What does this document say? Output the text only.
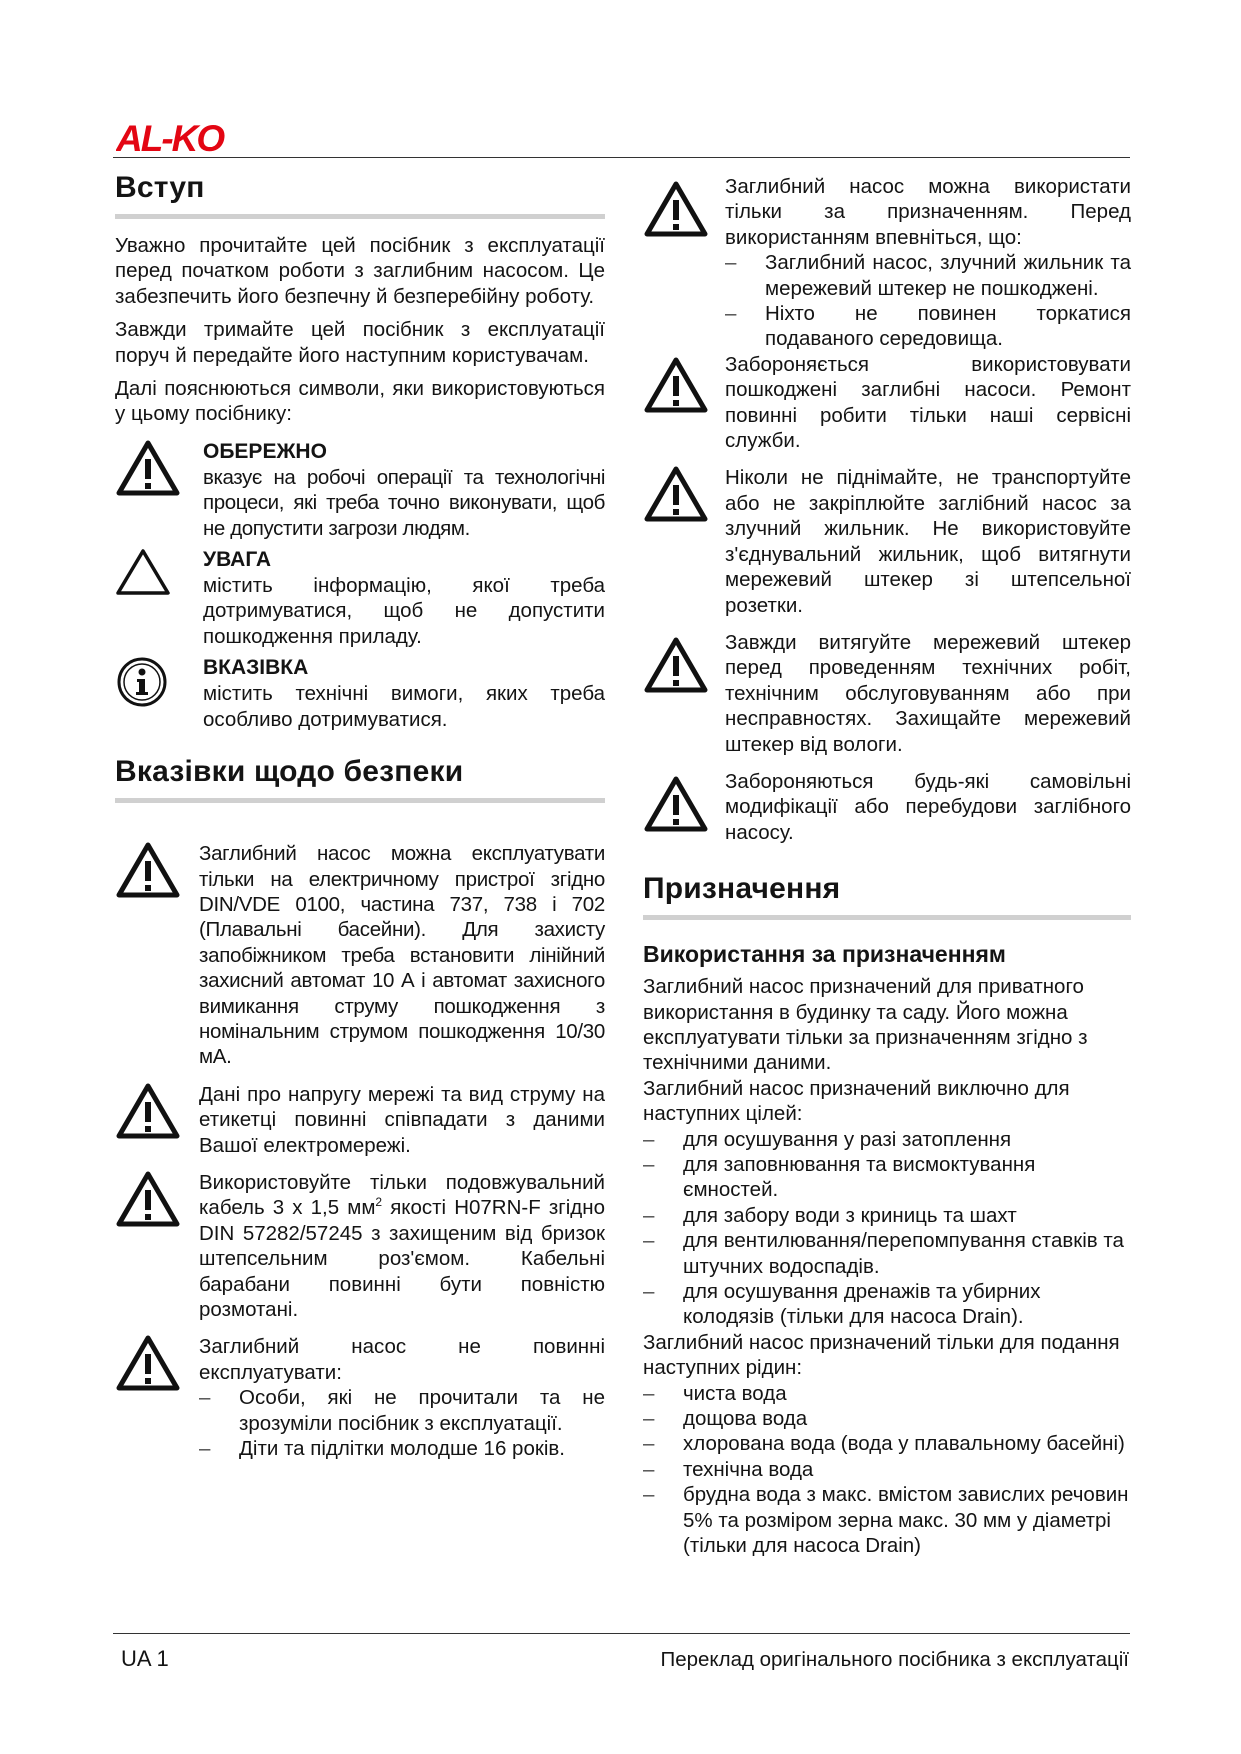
AL-KO
Вступ

Уважно прочитайте цей посібник з експлуатації перед початком роботи з заглибним насосом. Це забезпечить його безпечну й безперебійну роботу.

Завжди тримайте цей посібник з експлуатації поруч й передайте його наступним користувачам.

Далі пояснюються символи, яки використовуються у цьому посібнику:

ОБЕРЕЖНО

вказує на робочі операції та технологічні процеси, які треба точно виконувати, щоб не допустити загрози людям.

УВАГА

містить інформацію, якої треба дотримуватися, щоб не допустити пошкодження приладу.

ВКАЗІВКА

містить технічні вимоги, яких треба особливо дотримуватися.

Вказівки щодо безпеки

Заглибний насос можна експлуатувати тільки на електричному пристрої згідно DIN/VDE 0100, частина 737, 738 і 702 (Плавальні басейни). Для захисту запобіжником треба встановити лінійний захисний автомат 10 А і автомат захисного вимикання струму пошкодження з номінальним струмом пошкодження 10/30 мА.

Дані про напругу мережі та вид струму на етикетці повинні співпадати з даними Вашої електромережі.

Використовуйте тільки подовжувальний кабель 3 x 1,5 $мм^2$ якості H07RN-F згідно DIN 57282/57245 з захищеним від бризок штепсельним роз'ємом. Кабельні барабани повинні бути повністю розмотані.

Заглибний насос не повинні експлуатувати:

– Особи, які не прочитали та не зрозуміли посібник з експлуатації.
– Діти та підлітки молодше 16 років.

Заглибний насос можна використати тільки за призначенням. Перед використанням впевніться, що:

– Заглибний насос, злучний жильник та мережевий штекер не пошкоджені.
– Ніхто не повинен торкатися подаваного середовища.

Забороняється використовувати пошкоджені заглибні насоси. Ремонт повинні робити тільки наші сервісні служби.

Ніколи не піднімайте, не транспортуйте або не закріплюйте заглібний насос за злучний жильник. Не використовуйте з'єднувальний жильник, щоб витягнути мережевий штекер зі штепсельної розетки.

Завжди витягуйте мережевий штекер перед проведенням технічних робіт, технічним обслуговуванням або при несправностях. Захищайте мережевий штекер від вологи.

Забороняються будь-які самовільні модифікації або перебудови заглібного насосу.

Призначення
Використання за призначенням

Заглибний насос призначений для приватного використання в будинку та саду. Його можна експлуатувати тільки за призначенням згідно з технічними даними.

Заглибний насос призначений виключно для наступних цілей:

– для осушування у разі затоплення
– для заповнювання та висмоктування ємностей.
– для забору води з криниць та шахт
– для вентилювання/перепомпування ставків та штучних водоспадів.
– для осушування дренажів та убирних колодязів (тільки для насоса Drain).

Заглибний насос призначений тільки для подання наступних рідин:

– чиста вода
– дощова вода
– хлорована вода (вода у плавальному басейні)
– технічна вода
– брудна вода з макс. вмістом завислих речовин 5% та розміром зерна макс. 30 мм у діаметрі (тільки для насоса Drain)
UA 1	Переклад оригінального посібника з експлуатації
